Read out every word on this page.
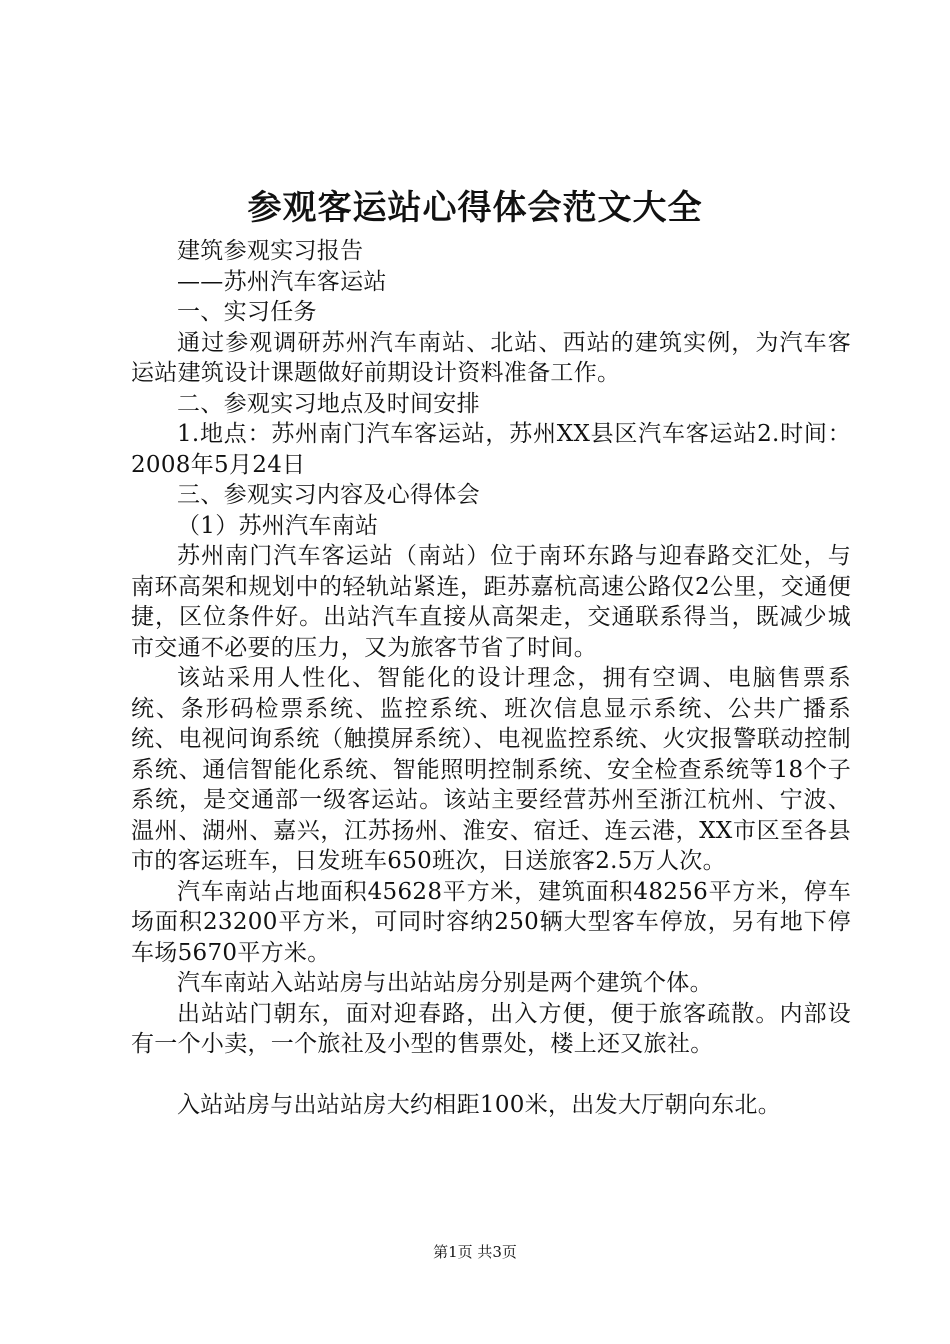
参观客运站心得体会范文大全

建筑参观实习报告

——苏州汽车客运站

一、实习任务

通过参观调研苏州汽车南站、北站、西站的建筑实例，为汽车客运站建筑设计课题做好前期设计资料准备工作。

二、参观实习地点及时间安排

1.地点：苏州南门汽车客运站，苏州XX县区汽车客运站2.时间：2008年5月24日

三、参观实习内容及心得体会

（1）苏州汽车南站

苏州南门汽车客运站（南站）位于南环东路与迎春路交汇处，与南环高架和规划中的轻轨站紧连，距苏嘉杭高速公路仅2公里，交通便捷，区位条件好。出站汽车直接从高架走，交通联系得当，既减少城市交通不必要的压力，又为旅客节省了时间。

该站采用人性化、智能化的设计理念，拥有空调、电脑售票系统、条形码检票系统、监控系统、班次信息显示系统、公共广播系统、电视问询系统（触摸屏系统）、电视监控系统、火灾报警联动控制系统、通信智能化系统、智能照明控制系统、安全检查系统等18个子系统，是交通部一级客运站。该站主要经营苏州至浙江杭州、宁波、温州、湖州、嘉兴，江苏扬州、淮安、宿迁、连云港，XX市区至各县市的客运班车，日发班车650班次，日送旅客2.5万人次。

汽车南站占地面积45628平方米，建筑面积48256平方米，停车场面积23200平方米，可同时容纳250辆大型客车停放，另有地下停车场5670平方米。

汽车南站入站站房与出站站房分别是两个建筑个体。

出站站门朝东，面对迎春路，出入方便，便于旅客疏散。内部设有一个小卖，一个旅社及小型的售票处，楼上还又旅社。

入站站房与出站站房大约相距100米，出发大厅朝向东北。

第1页 共3页
